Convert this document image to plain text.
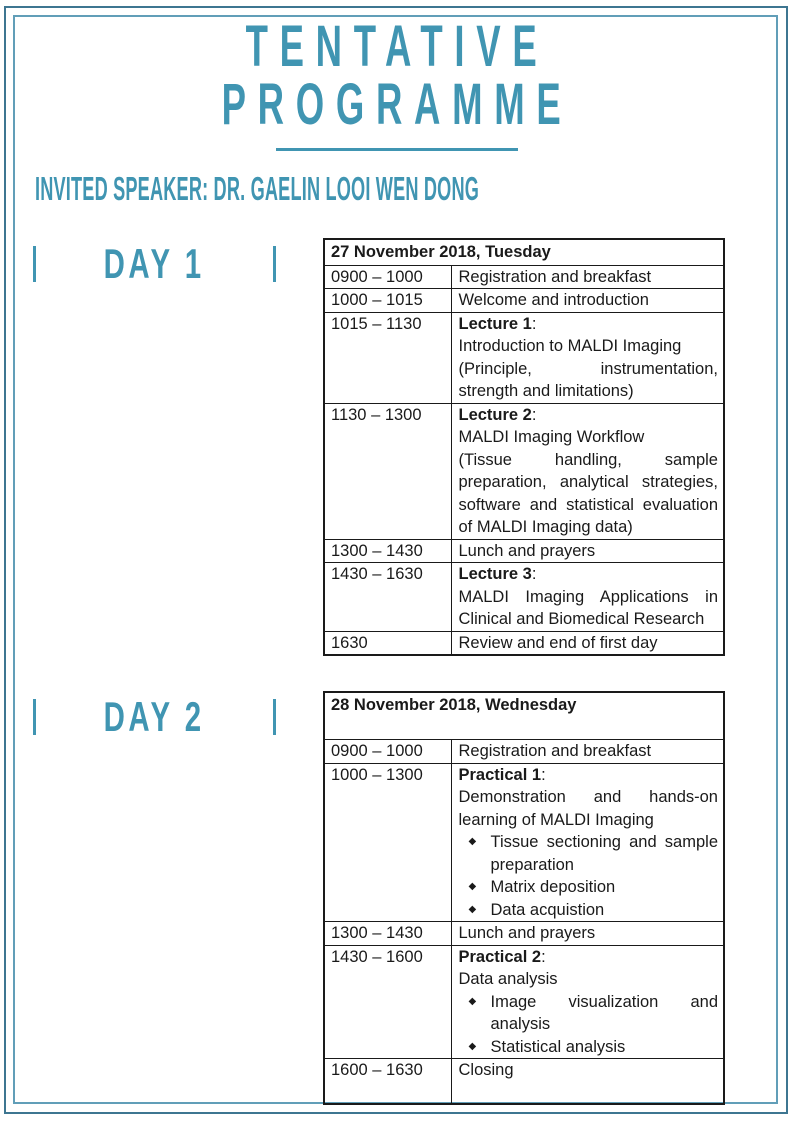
TENTATIVE
PROGRAMME
INVITED SPEAKER: DR. GAELIN LOOI WEN DONG
DAY 1	27 November 2018, Tuesday	
0900 – 1000	Registration and breakfast

1000 – 1015	Welcome and introduction

1015 – 1130	Lecture 1:
Introduction to MALDI Imaging
(Principle, instrumentation, strength and limitations)

1130 – 1300	Lecture 2:
MALDI Imaging Workflow
(Tissue handling, sample preparation, analytical strategies, software and statistical evaluation of MALDI Imaging data)

1300 – 1430	Lunch and prayers

1430 – 1630	Lecture 3:
MALDI Imaging Applications in Clinical and Biomedical Research

1630	Review and end of first day
DAY 2	28 November 2018, Wednesday	
0900 – 1000	Registration and breakfast

1000 – 1300	Practical 1:
Demonstration and hands-on learning of MALDI Imaging
◆ Tissue sectioning and sample preparation
◆ Matrix deposition
◆ Data acquistion

1300 – 1430	Lunch and prayers

1430 – 1600	Practical 2:
Data analysis
◆ Image visualization and analysis
◆ Statistical analysis

1600 – 1630	Closing
